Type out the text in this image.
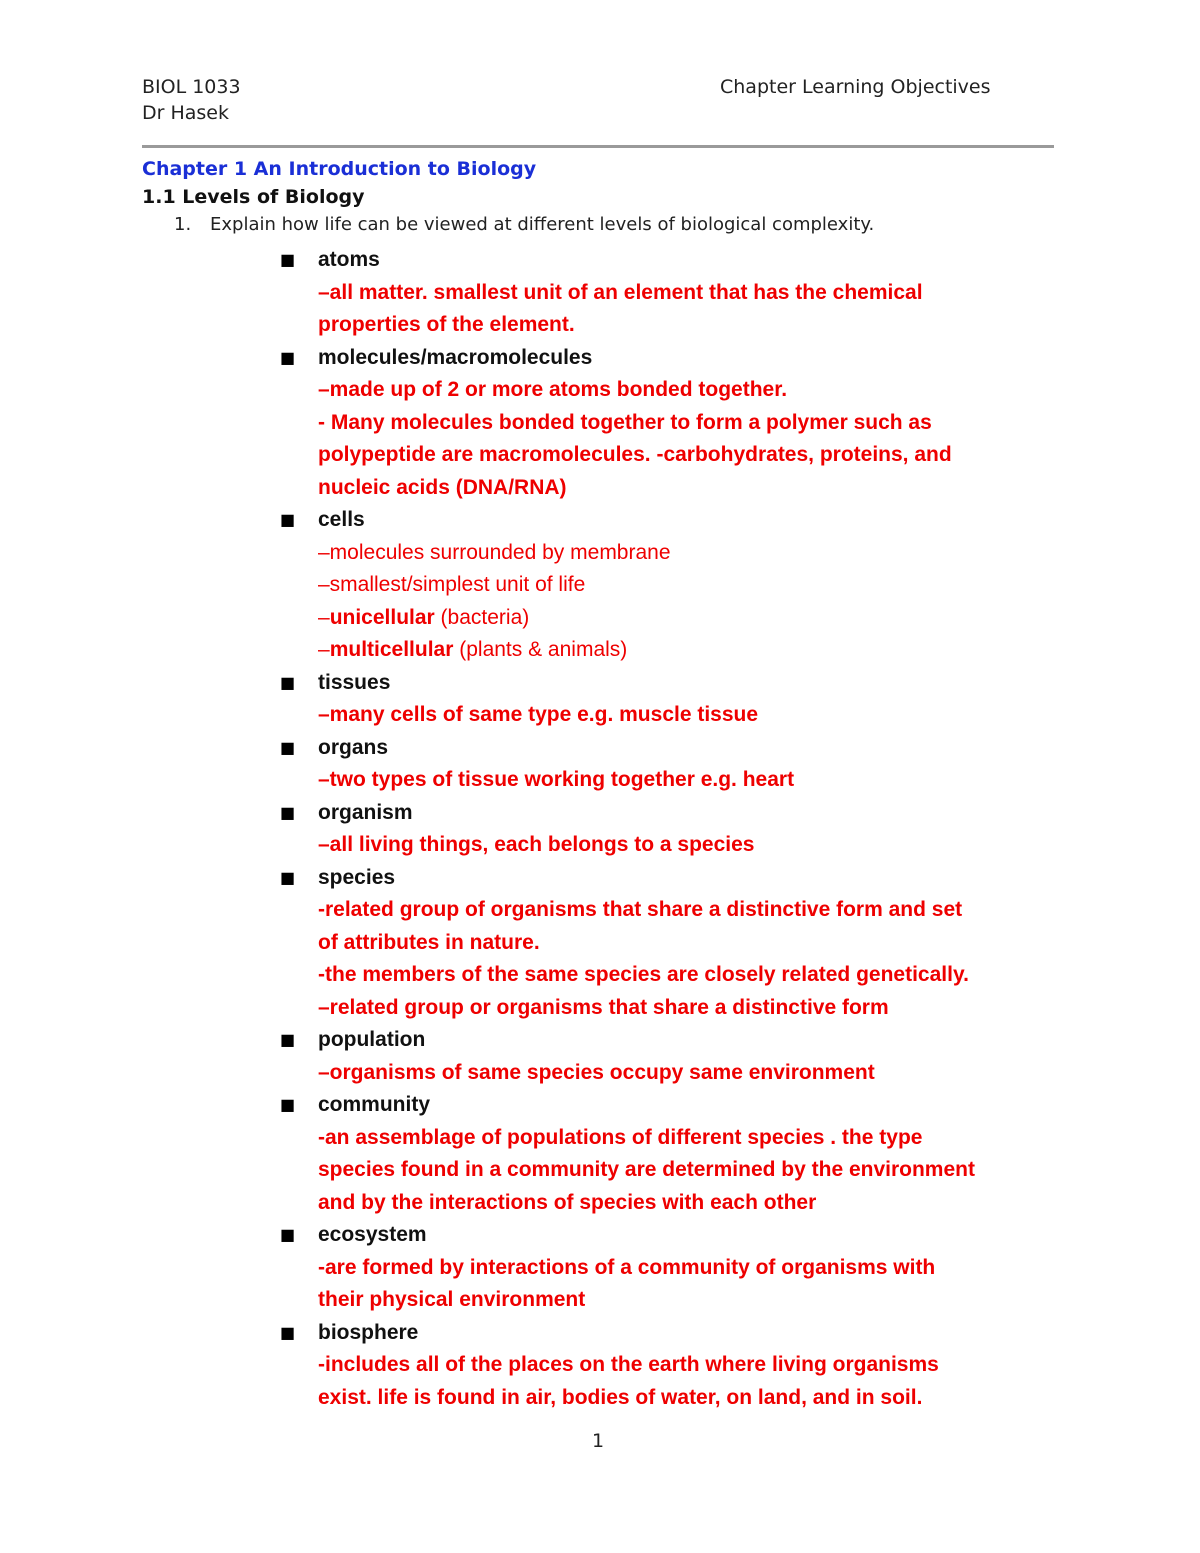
BIOL 1033
Dr Hasek
Chapter Learning Objectives
Chapter 1 An Introduction to Biology
1.1 Levels of Biology
1. Explain how life can be viewed at different levels of biological complexity.
■ atoms
–all matter. smallest unit of an element that has the chemical
properties of the element.
■ molecules/macromolecules
–made up of 2 or more atoms bonded together.
- Many molecules bonded together to form a polymer such as
polypeptide are macromolecules. -carbohydrates, proteins, and
nucleic acids (DNA/RNA)
■ cells
–molecules surrounded by membrane
–smallest/simplest unit of life
–unicellular (bacteria)
–multicellular (plants & animals)
■ tissues
–many cells of same type e.g. muscle tissue
■ organs
–two types of tissue working together e.g. heart
■ organism
–all living things, each belongs to a species
■ species
-related group of organisms that share a distinctive form and set
of attributes in nature.
-the members of the same species are closely related genetically.
–related group or organisms that share a distinctive form
■ population
–organisms of same species occupy same environment
■ community
-an assemblage of populations of different species . the type
species found in a community are determined by the environment
and by the interactions of species with each other
■ ecosystem
-are formed by interactions of a community of organisms with
their physical environment
■ biosphere
-includes all of the places on the earth where living organisms
exist. life is found in air, bodies of water, on land, and in soil.
1
